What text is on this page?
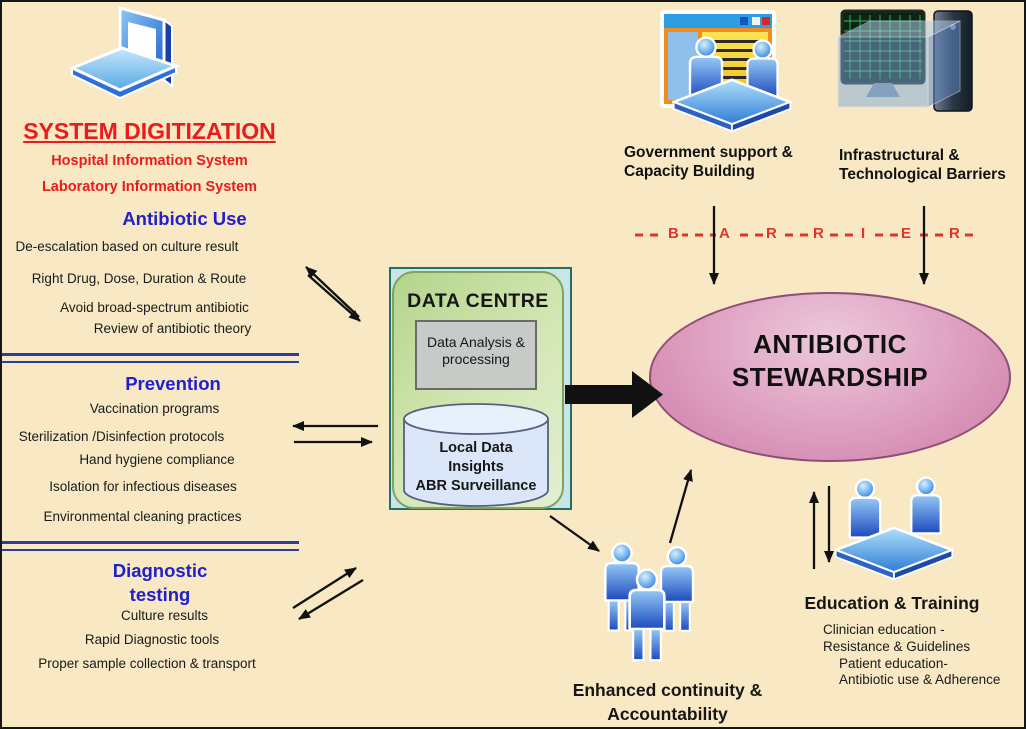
SYSTEM DIGITIZATION
Hospital Information System
Laboratory Information System
Antibiotic Use
De-escalation based on culture result
Right Drug, Dose, Duration & Route
Avoid broad-spectrum antibiotic
Review of antibiotic theory
Prevention
Vaccination programs
Sterilization /Disinfection protocols
Hand hygiene compliance
Isolation for infectious diseases
Environmental cleaning practices
Diagnostic testing
Culture results
Rapid Diagnostic tools
Proper sample collection & transport
DATA CENTRE
Data Analysis & processing
Local Data
Insights
ABR Surveillance
ANTIBIOTIC
STEWARDSHIP
Government support &
Capacity Building
Infrastructural &
Technological Barriers
B	A R R I E	R
Education & Training
Clinician education -
Resistance & Guidelines
Patient education-
Antibiotic use & Adherence
Enhanced continuity &
Accountability
